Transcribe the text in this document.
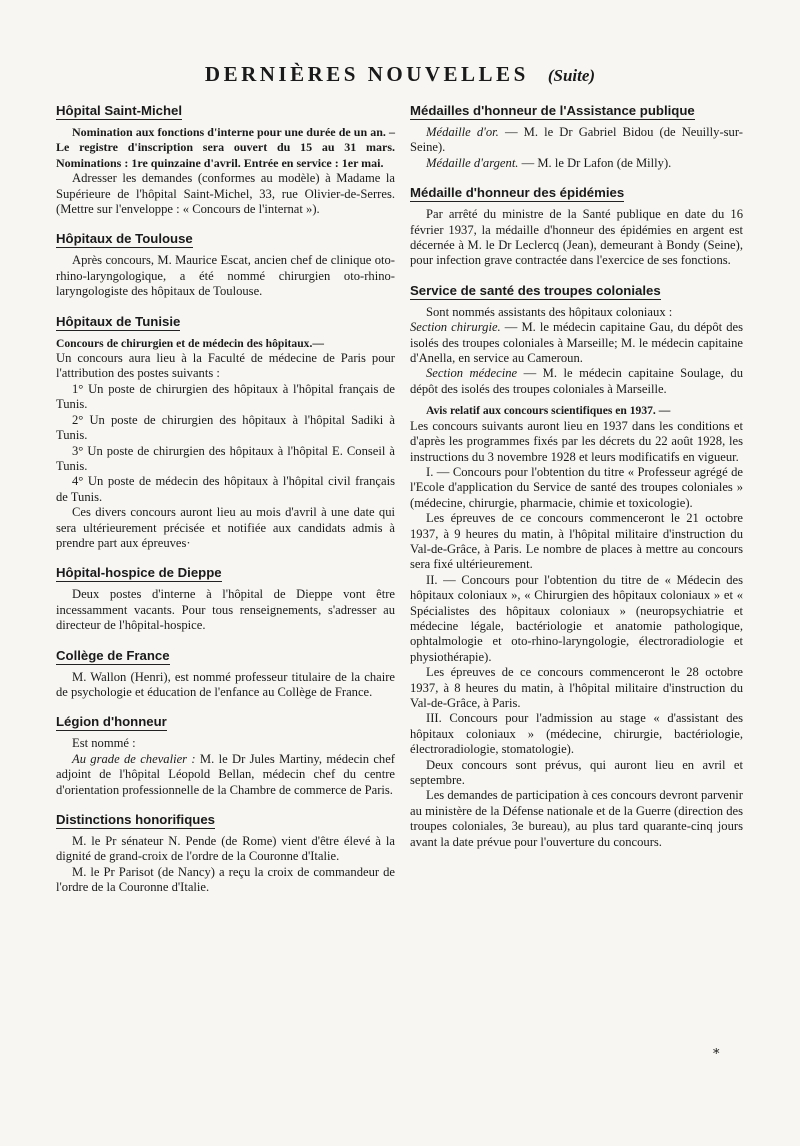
DERNIÈRES NOUVELLES (Suite)
Hôpital Saint-Michel

Nomination aux fonctions d'interne pour une durée de un an. – Le registre d'inscription sera ouvert du 15 au 31 mars. Nominations : 1re quinzaine d'avril. Entrée en service : 1er mai.

Adresser les demandes (conformes au modèle) à Madame la Supérieure de l'hôpital Saint-Michel, 33, rue Olivier-de-Serres. (Mettre sur l'enveloppe : « Concours de l'internat »).

Hôpitaux de Toulouse

Après concours, M. Maurice Escat, ancien chef de clinique oto-rhino-laryngologique, a été nommé chirurgien oto-rhino-laryngologiste des hôpitaux de Toulouse.

Hôpitaux de Tunisie

Concours de chirurgien et de médecin des hôpitaux.—

Un concours aura lieu à la Faculté de médecine de Paris pour l'attribution des postes suivants :

1° Un poste de chirurgien des hôpitaux à l'hôpital français de Tunis.

2° Un poste de chirurgien des hôpitaux à l'hôpital Sadiki à Tunis.

3° Un poste de chirurgien des hôpitaux à l'hôpital E. Conseil à Tunis.

4° Un poste de médecin des hôpitaux à l'hôpital civil français de Tunis.

Ces divers concours auront lieu au mois d'avril à une date qui sera ultérieurement précisée et notifiée aux candidats admis à prendre part aux épreuves·

Hôpital-hospice de Dieppe

Deux postes d'interne à l'hôpital de Dieppe vont être incessamment vacants. Pour tous renseignements, s'adresser au directeur de l'hôpital-hospice.

Collège de France

M. Wallon (Henri), est nommé professeur titulaire de la chaire de psychologie et éducation de l'enfance au Collège de France.

Légion d'honneur

Est nommé :

Au grade de chevalier : M. le Dr Jules Martiny, médecin chef adjoint de l'hôpital Léopold Bellan, médecin chef du centre d'orientation professionnelle de la Chambre de commerce de Paris.

Distinctions honorifiques

M. le Pr sénateur N. Pende (de Rome) vient d'être élevé à la dignité de grand-croix de l'ordre de la Couronne d'Italie.

M. le Pr Parisot (de Nancy) a reçu la croix de commandeur de l'ordre de la Couronne d'Italie.

Médailles d'honneur de l'Assistance publique

Médaille d'or. — M. le Dr Gabriel Bidou (de Neuilly-sur-Seine).

Médaille d'argent. — M. le Dr Lafon (de Milly).

Médaille d'honneur des épidémies

Par arrêté du ministre de la Santé publique en date du 16 février 1937, la médaille d'honneur des épidémies en argent est décernée à M. le Dr Leclercq (Jean), demeurant à Bondy (Seine), pour infection grave contractée dans l'exercice de ses fonctions.

Service de santé des troupes coloniales

Sont nommés assistants des hôpitaux coloniaux :

Section chirurgie. — M. le médecin capitaine Gau, du dépôt des isolés des troupes coloniales à Marseille; M. le médecin capitaine d'Anella, en service au Cameroun.

Section médecine — M. le médecin capitaine Soulage, du dépôt des isolés des troupes coloniales à Marseille.

Avis relatif aux concours scientifiques en 1937. —

Les concours suivants auront lieu en 1937 dans les conditions et d'après les programmes fixés par les décrets du 22 août 1928, les instructions du 3 novembre 1928 et leurs modificatifs en vigueur.

I. — Concours pour l'obtention du titre « Professeur agrégé de l'Ecole d'application du Service de santé des troupes coloniales » (médecine, chirurgie, pharmacie, chimie et toxicologie).

Les épreuves de ce concours commenceront le 21 octobre 1937, à 9 heures du matin, à l'hôpital militaire d'instruction du Val-de-Grâce, à Paris. Le nombre de places à mettre au concours sera fixé ultérieurement.

II. — Concours pour l'obtention du titre de « Médecin des hôpitaux coloniaux », « Chirurgien des hôpitaux coloniaux » et « Spécialistes des hôpitaux coloniaux » (neuropsychiatrie et médecine légale, bactériologie et anatomie pathologique, ophtalmologie et oto-rhino-laryngologie, électroradiologie et physiothérapie).

Les épreuves de ce concours commenceront le 28 octobre 1937, à 8 heures du matin, à l'hôpital militaire d'instruction du Val-de-Grâce, à Paris.

III. Concours pour l'admission au stage « d'assistant des hôpitaux coloniaux » (médecine, chirurgie, bactériologie, électroradiologie, stomatologie).

Deux concours sont prévus, qui auront lieu en avril et septembre.

Les demandes de participation à ces concours devront parvenir au ministère de la Défense nationale et de la Guerre (direction des troupes coloniales, 3e bureau), au plus tard quarante-cinq jours avant la date prévue pour l'ouverture du concours.

*
